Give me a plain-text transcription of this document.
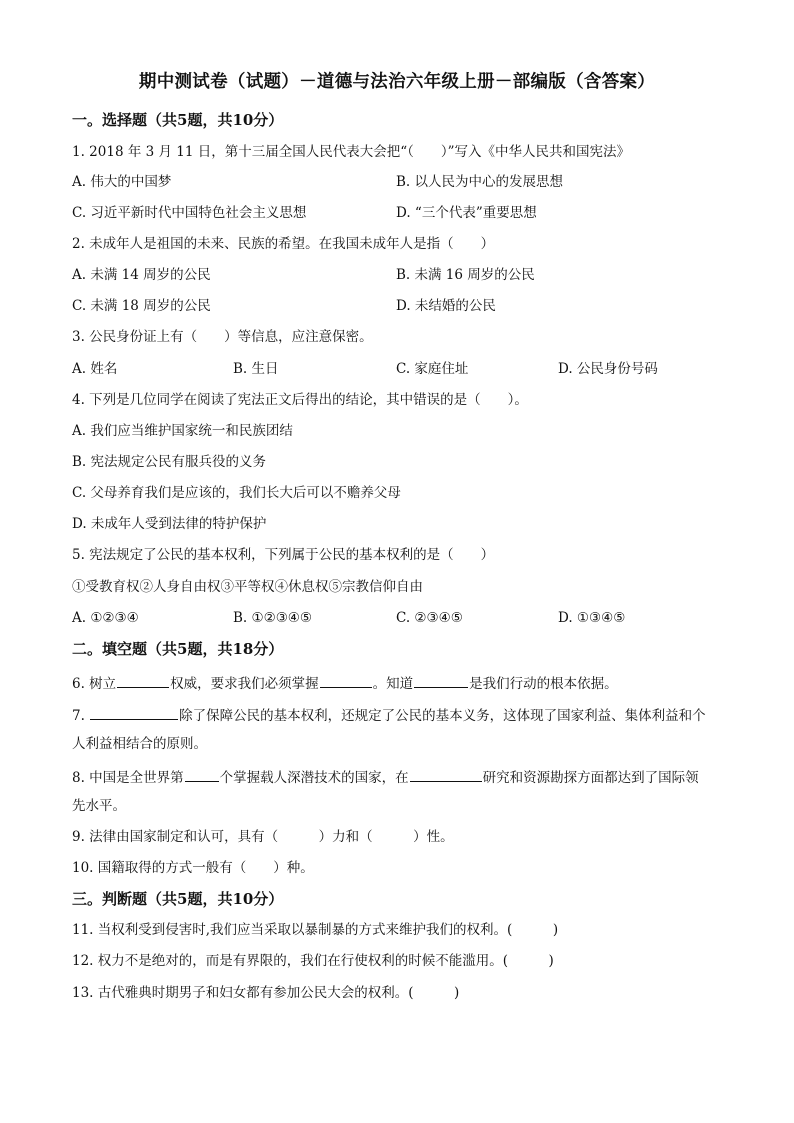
期中测试卷（试题）－道德与法治六年级上册－部编版（含答案）
一。选择题（共5题，共10分）
1. 2018 年 3 月 11 日，第十三届全国人民代表大会把“（　　）”写入《中华人民共和国宪法》
A. 伟大的中国梦	B. 以人民为中心的发展思想
C. 习近平新时代中国特色社会主义思想	D. “三个代表”重要思想
2. 未成年人是祖国的未来、民族的希望。在我国未成年人是指（　　）
A. 未满 14 周岁的公民	B. 未满 16 周岁的公民
C. 未满 18 周岁的公民	D. 未结婚的公民
3. 公民身份证上有（　　）等信息，应注意保密。
A. 姓名	B. 生日	C. 家庭住址	D. 公民身份号码
4. 下列是几位同学在阅读了宪法正文后得出的结论，其中错误的是（　　）。
A. 我们应当维护国家统一和民族团结
B. 宪法规定公民有服兵役的义务
C. 父母养育我们是应该的，我们长大后可以不赡养父母
D. 未成年人受到法律的特护保护
5. 宪法规定了公民的基本权利，下列属于公民的基本权利的是（　　）
①受教育权②人身自由权③平等权④休息权⑤宗教信仰自由
A. ①②③④	B. ①②③④⑤	C. ②③④⑤	D. ①③④⑤
二。填空题（共5题，共18分）
6. 树立	权威，要求我们必须掌握	。知道	是我们行动的根本依据。
7.	除了保障公民的基本权利，还规定了公民的基本义务，这体现了国家利益、集体利益和个
人利益相结合的原则。
8. 中国是全世界第	个掌握载人深潜技术的国家，在	研究和资源勘探方面都达到了国际领
先水平。
9. 法律由国家制定和认可，具有（　　　）力和（　　　）性。
10. 国籍取得的方式一般有（　　）种。
三。判断题（共5题，共10分）
11. 当权利受到侵害时,我们应当采取以暴制暴的方式来维护我们的权利。(　　　)
12. 权力不是绝对的，而是有界限的，我们在行使权利的时候不能滥用。(　　　)
13. 古代雅典时期男子和妇女都有参加公民大会的权利。(　　　)
